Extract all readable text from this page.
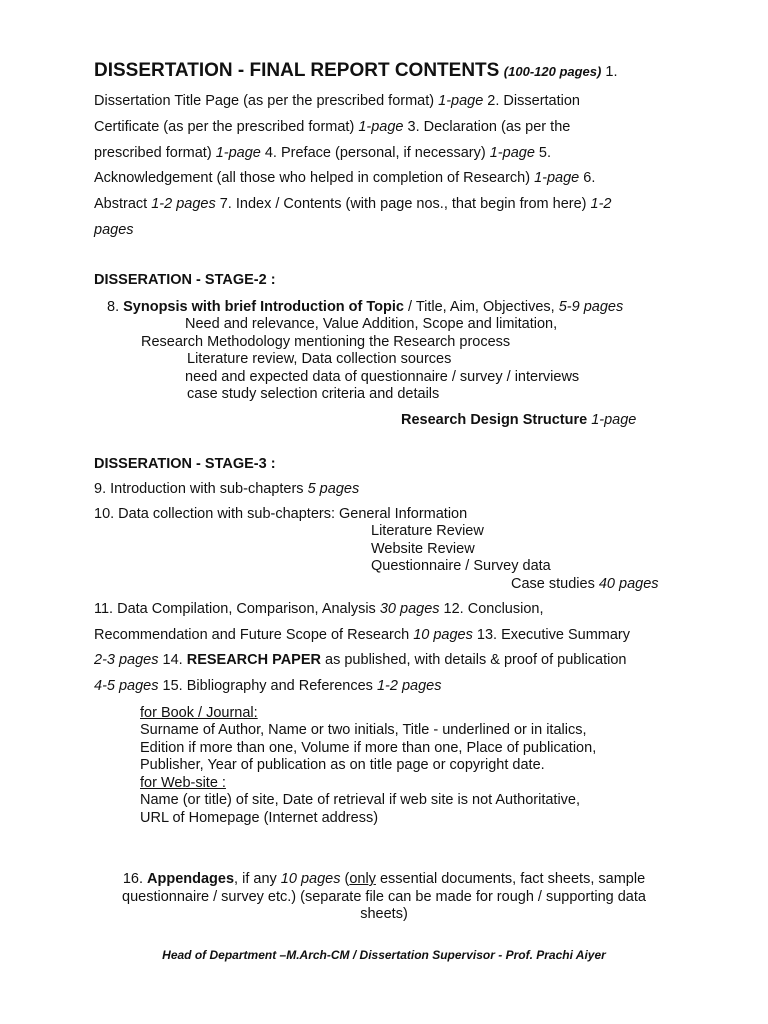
DISSERTATION - FINAL REPORT CONTENTS (100-120 pages) 1.
Dissertation Title Page (as per the prescribed format) 1-page 2. Dissertation
Certificate (as per the prescribed format) 1-page 3. Declaration (as per the
prescribed format) 1-page 4. Preface (personal, if necessary) 1-page 5.
Acknowledgement (all those who helped in completion of Research) 1-page 6.
Abstract 1-2 pages 7. Index / Contents (with page nos., that begin from here) 1-2
pages
DISSERATION - STAGE-2 :
8. Synopsis with brief Introduction of Topic / Title, Aim, Objectives, 5-9 pages
Need and relevance, Value Addition, Scope and limitation,
Research Methodology mentioning the Research process
Literature review, Data collection sources
need and expected data of questionnaire / survey / interviews
case study selection criteria and details
Research Design Structure 1-page
DISSERATION - STAGE-3 :
9. Introduction with sub-chapters 5 pages
10. Data collection with sub-chapters: General Information
Literature Review
Website Review
Questionnaire / Survey data
Case studies 40 pages
11. Data Compilation, Comparison, Analysis 30 pages 12. Conclusion,
Recommendation and Future Scope of Research 10 pages 13. Executive Summary
2-3 pages 14. RESEARCH PAPER as published, with details & proof of publication
4-5 pages 15. Bibliography and References 1-2 pages
for Book / Journal:
Surname of Author, Name or two initials, Title - underlined or in italics,
Edition if more than one, Volume if more than one, Place of publication,
Publisher, Year of publication as on title page or copyright date.
for Web-site :
Name (or title) of site, Date of retrieval if web site is not Authoritative,
URL of Homepage (Internet address)
16. Appendages, if any 10 pages (only essential documents, fact sheets, sample
questionnaire / survey etc.) (separate file can be made for rough / supporting data
sheets)
Head of Department –M.Arch-CM / Dissertation Supervisor - Prof. Prachi Aiyer
